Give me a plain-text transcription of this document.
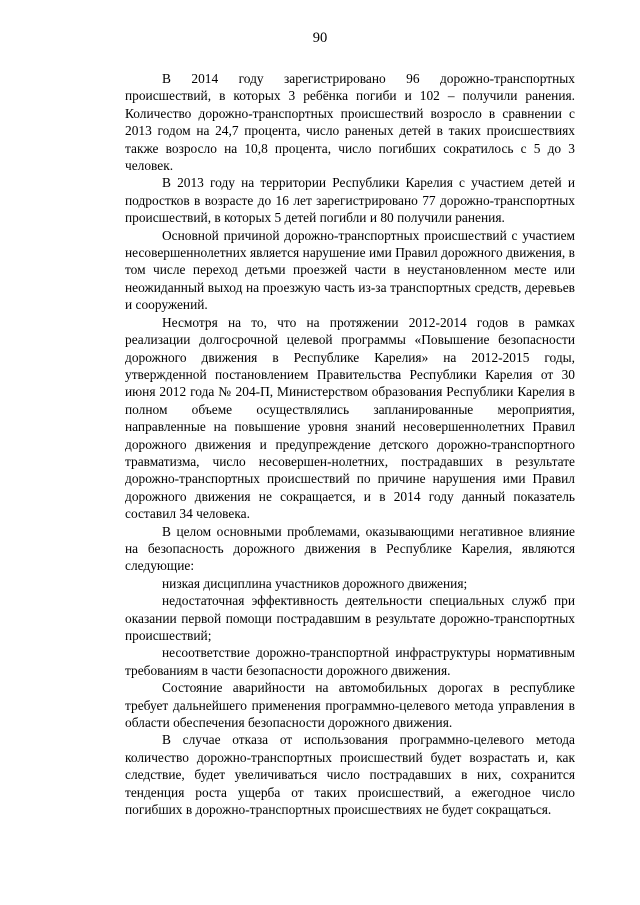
90

В 2014 году зарегистрировано 96 дорожно-транспортных происшествий, в которых 3 ребёнка погиби и 102 – получили ранения. Количество дорожно-транспортных происшествий возросло в сравнении с 2013 годом на 24,7 процента, число раненых детей в таких происшествиях также возросло на 10,8 процента, число погибших сократилось с 5 до 3 человек.

В 2013 году на территории Республики Карелия с участием детей и подростков в возрасте до 16 лет зарегистрировано 77 дорожно-транспортных происшествий, в которых 5 детей погибли и 80 получили ранения.

Основной причиной дорожно-транспортных происшествий с участием несовершеннолетних является нарушение ими Правил дорожного движения, в том числе переход детьми проезжей части в неустановленном месте или неожиданный выход на проезжую часть из-за транспортных средств, деревьев и сооружений.

Несмотря на то, что на протяжении 2012-2014 годов в рамках реализации долгосрочной целевой программы «Повышение безопасности дорожного движения в Республике Карелия» на 2012-2015 годы, утвержденной постановлением Правительства Республики Карелия от 30 июня 2012 года № 204-П, Министерством образования Республики Карелия в полном объеме осуществлялись запланированные мероприятия, направленные на повышение уровня знаний несовершеннолетних Правил дорожного движения и предупреждение детского дорожно-транспортного травматизма, число несовершен-нолетних, пострадавших в результате дорожно-транспортных происшествий по причине нарушения ими Правил дорожного движения не сокращается, и в 2014 году данный показатель составил 34 человека.

В целом основными проблемами, оказывающими негативное влияние на безопасность дорожного движения в Республике Карелия, являются следующие:

низкая дисциплина участников дорожного движения;

недостаточная эффективность деятельности специальных служб при оказании первой помощи пострадавшим в результате дорожно-транспортных происшествий;

несоответствие дорожно-транспортной инфраструктуры нормативным требованиям в части безопасности дорожного движения.

Состояние аварийности на автомобильных дорогах в республике требует дальнейшего применения программно-целевого метода управления в области обеспечения безопасности дорожного движения.

В случае отказа от использования программно-целевого метода количество дорожно-транспортных происшествий будет возрастать и, как следствие, будет увеличиваться число пострадавших в них, сохранится тенденция роста ущерба от таких происшествий, а ежегодное число погибших в дорожно-транспортных происшествиях не будет сокращаться.
